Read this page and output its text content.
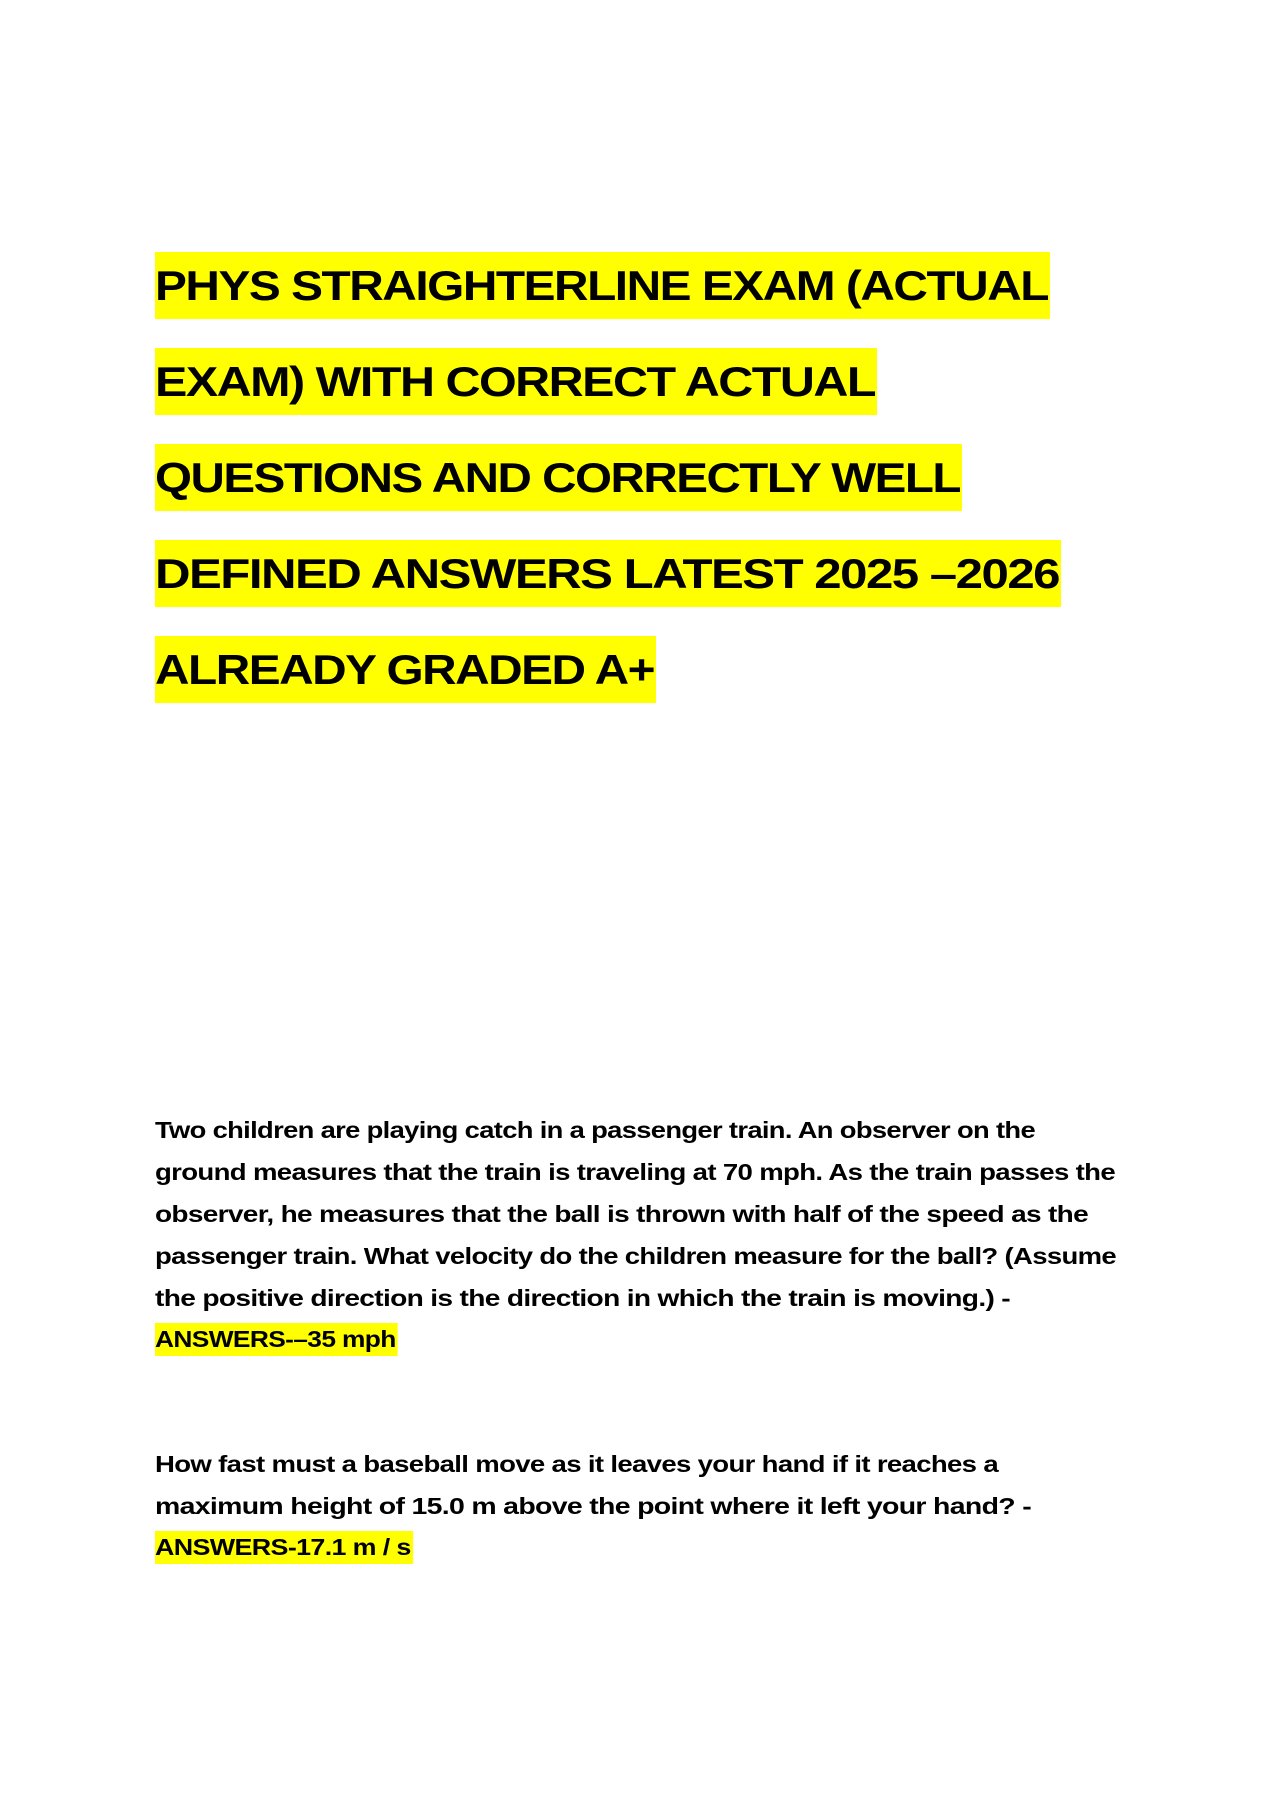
PHYS STRAIGHTERLINE EXAM (ACTUAL
EXAM) WITH CORRECT ACTUAL
QUESTIONS AND CORRECTLY WELL
DEFINED ANSWERS LATEST 2025 –2026
ALREADY GRADED A+
Two children are playing catch in a passenger train. An observer on the
ground measures that the train is traveling at 70 mph. As the train passes the
observer, he measures that the ball is thrown with half of the speed as the
passenger train. What velocity do the children measure for the ball? (Assume
the positive direction is the direction in which the train is moving.) -
ANSWERS-–35 mph
How fast must a baseball move as it leaves your hand if it reaches a
maximum height of 15.0 m above the point where it left your hand? -
ANSWERS-17.1 m / s
